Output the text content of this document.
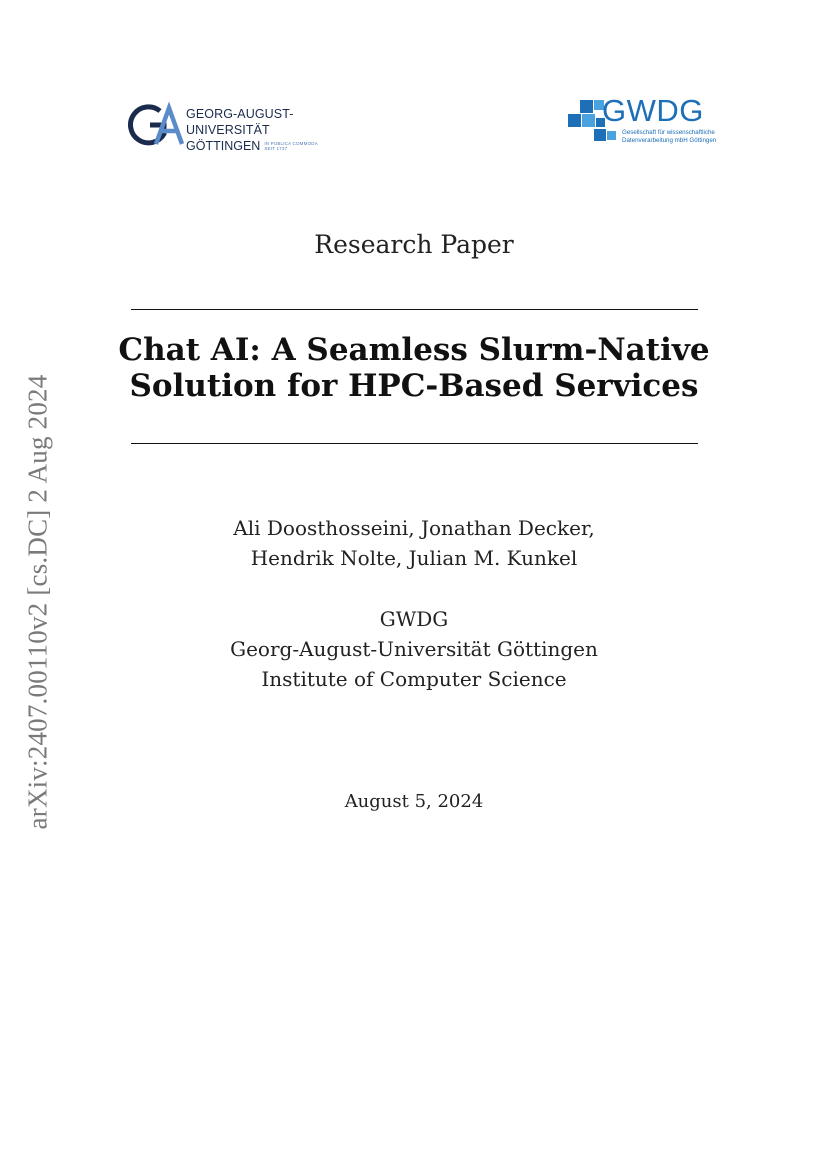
arXiv:2407.00110v2 [cs.DC] 2 Aug 2024
GEORG-AUGUST-UNIVERSITÄT
GÖTTINGEN IN PUBLICA COMMODA
SEIT 1737
GWDG
Gesellschaft für wissenschaftliche
Datenverarbeitung mbH Göttingen
Research Paper
Chat AI: A Seamless Slurm-Native
Solution for HPC-Based Services
Ali Doosthosseini, Jonathan Decker,
Hendrik Nolte, Julian M. Kunkel
GWDG
Georg-August-Universität Göttingen
Institute of Computer Science
August 5, 2024
